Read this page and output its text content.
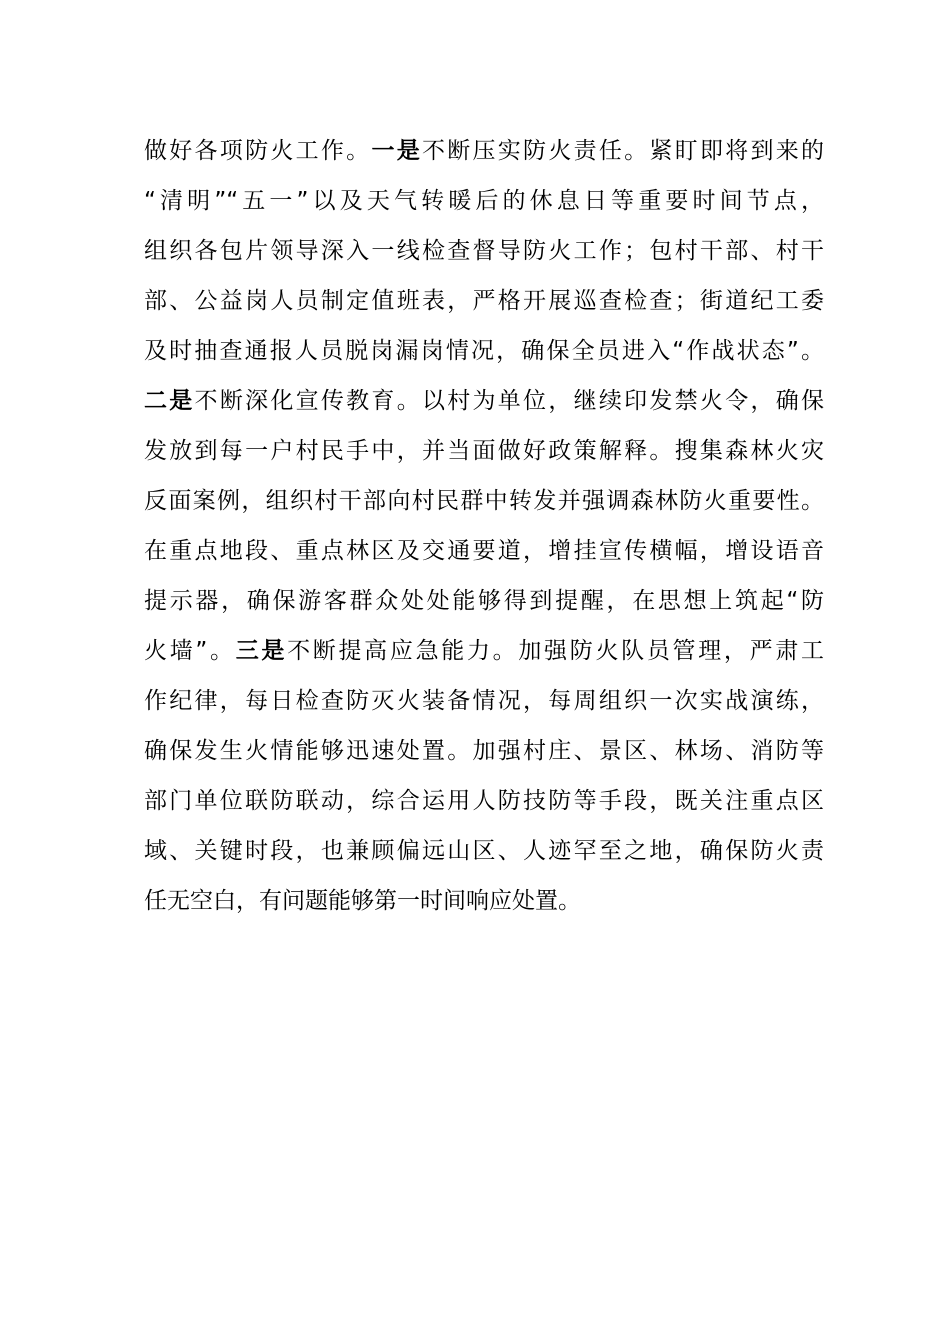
做好各项防火工作。一是不断压实防火责任。紧盯即将到来的
“清明”“五一”以及天气转暖后的休息日等重要时间节点，
组织各包片领导深入一线检查督导防火工作；包村干部、村干
部、公益岗人员制定值班表，严格开展巡查检查；街道纪工委
及时抽查通报人员脱岗漏岗情况，确保全员进入“作战状态”。
二是不断深化宣传教育。以村为单位，继续印发禁火令，确保
发放到每一户村民手中，并当面做好政策解释。搜集森林火灾
反面案例，组织村干部向村民群中转发并强调森林防火重要性。
在重点地段、重点林区及交通要道，增挂宣传横幅，增设语音
提示器，确保游客群众处处能够得到提醒，在思想上筑起“防
火墙”。三是不断提高应急能力。加强防火队员管理，严肃工
作纪律，每日检查防灭火装备情况，每周组织一次实战演练，
确保发生火情能够迅速处置。加强村庄、景区、林场、消防等
部门单位联防联动，综合运用人防技防等手段，既关注重点区
域、关键时段，也兼顾偏远山区、人迹罕至之地，确保防火责
任无空白，有问题能够第一时间响应处置。
